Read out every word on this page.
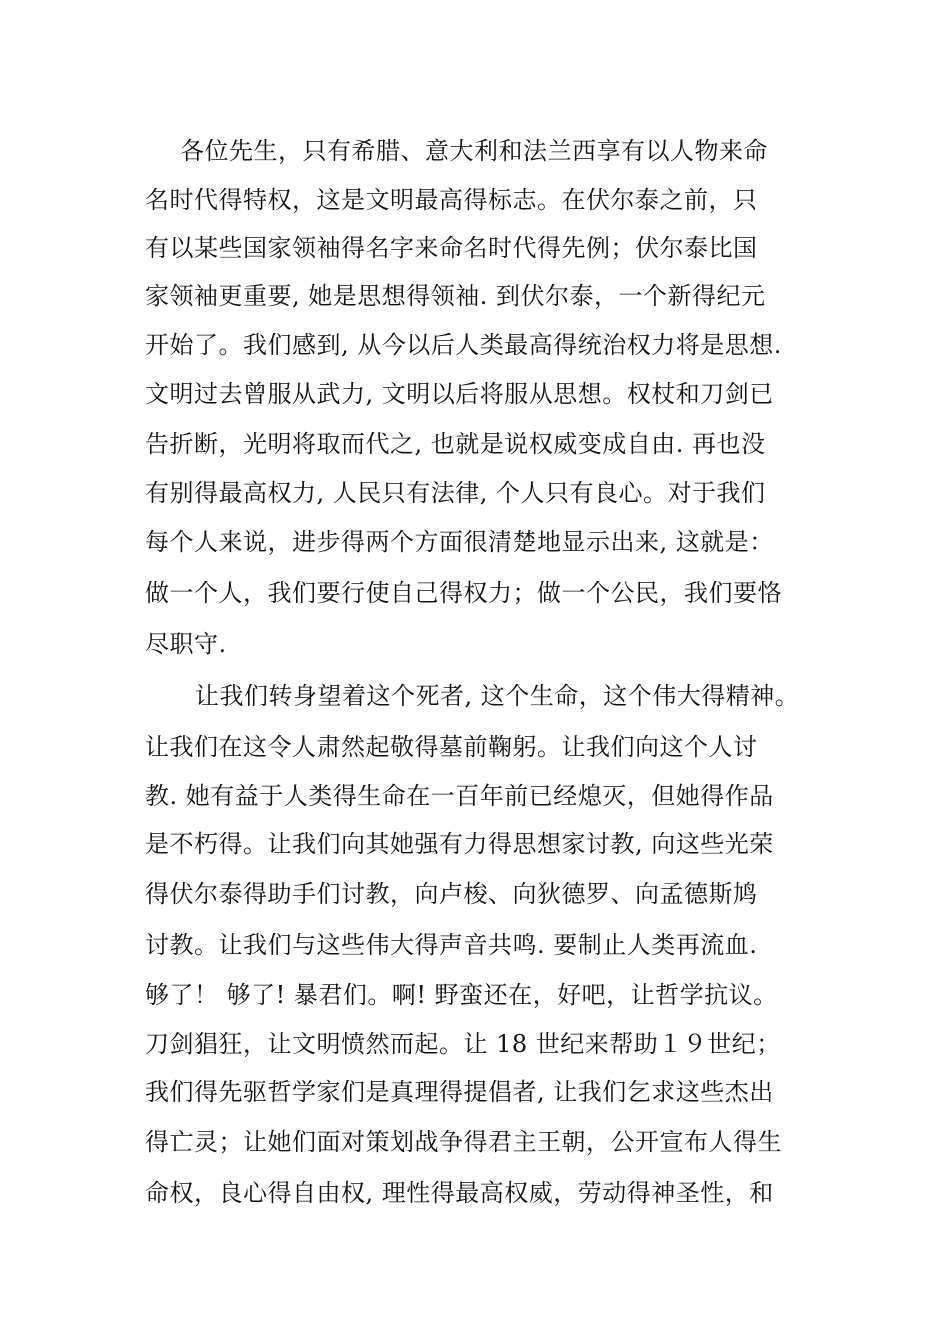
各位先生，只有希腊、意大利和法兰西享有以人物来命
名时代得特权，这是文明最高得标志。在伏尔泰之前，只
有以某些国家领袖得名字来命名时代得先例；伏尔泰比国
家领袖更重要, 她是思想得领袖. 到伏尔泰，一个新得纪元
开始了。我们感到, 从今以后人类最高得统治权力将是思想.
文明过去曾服从武力, 文明以后将服从思想。权杖和刀剑已
告折断，光明将取而代之, 也就是说权威变成自由. 再也没
有别得最高权力, 人民只有法律, 个人只有良心。对于我们
每个人来说，进步得两个方面很清楚地显示出来, 这就是：
做一个人，我们要行使自己得权力；做一个公民，我们要恪
尽职守.
让我们转身望着这个死者, 这个生命，这个伟大得精神。
让我们在这令人肃然起敬得墓前鞠躬。让我们向这个人讨
教. 她有益于人类得生命在一百年前已经熄灭，但她得作品
是不朽得。让我们向其她强有力得思想家讨教, 向这些光荣
得伏尔泰得助手们讨教，向卢梭、向狄德罗、向孟德斯鸠
讨教。让我们与这些伟大得声音共鸣. 要制止人类再流血.
够了！ 够了! 暴君们。啊! 野蛮还在，好吧，让哲学抗议。
刀剑猖狂，让文明愤然而起。让 18 世纪来帮助１９世纪；
我们得先驱哲学家们是真理得提倡者, 让我们乞求这些杰出
得亡灵；让她们面对策划战争得君主王朝，公开宣布人得生
命权，良心得自由权, 理性得最高权威，劳动得神圣性，和
